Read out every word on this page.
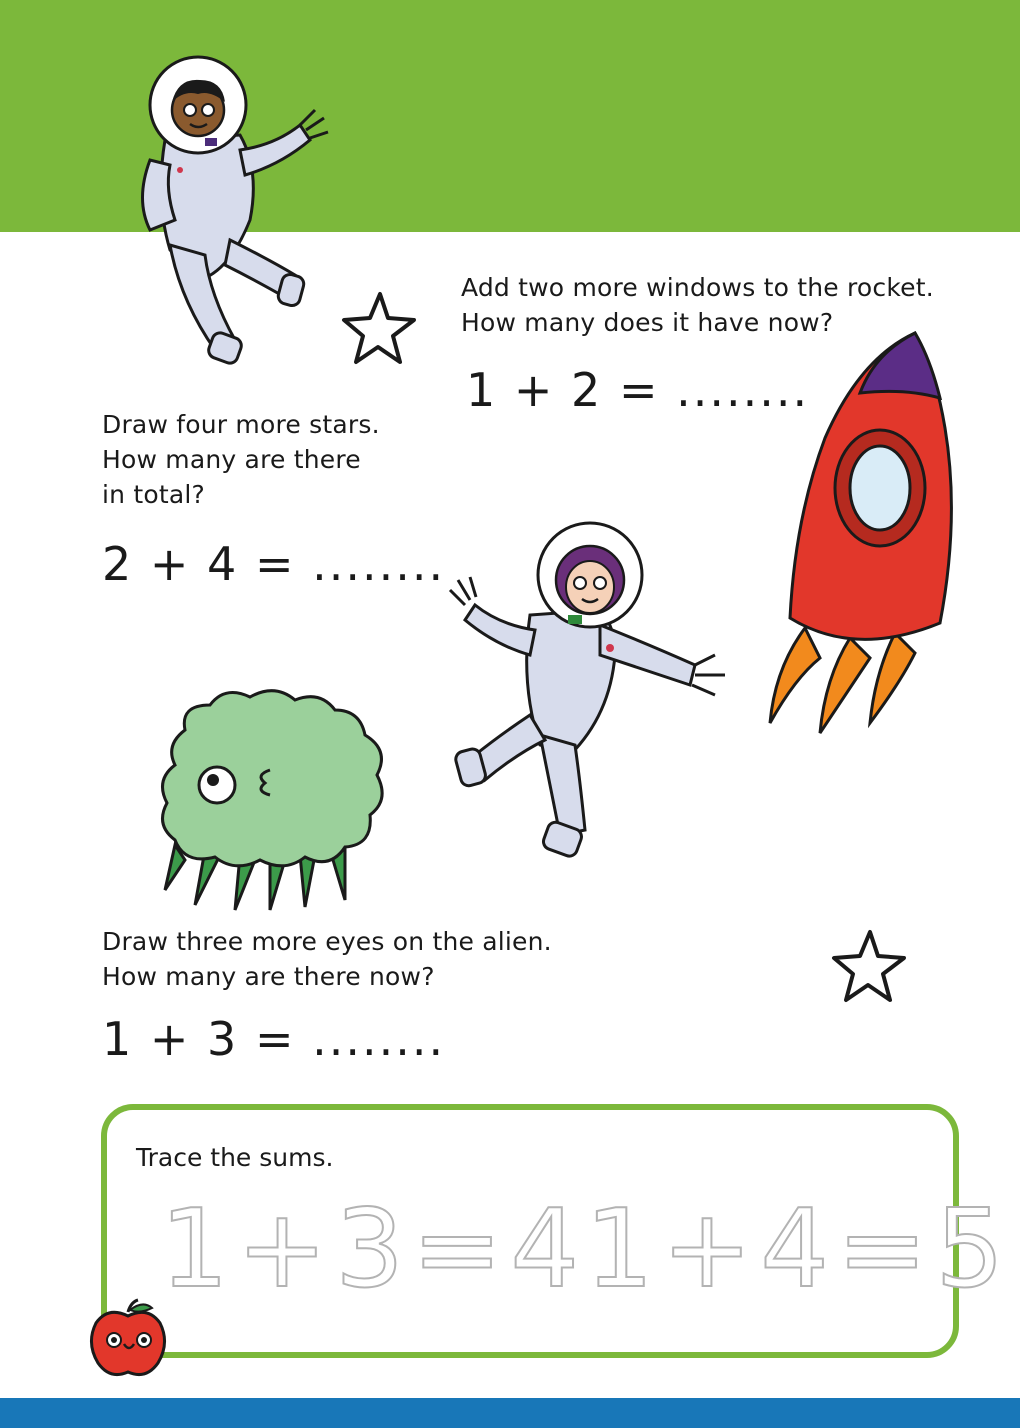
Add two more windows to the rocket.
How many does it have now?
1 + 2 = ........
Draw four more stars.
How many are there
in total?
2 + 4 = ........
Draw three more eyes on the alien.
How many are there now?
1 + 3 = ........
Trace the sums.
1+3=4
1+4=5
